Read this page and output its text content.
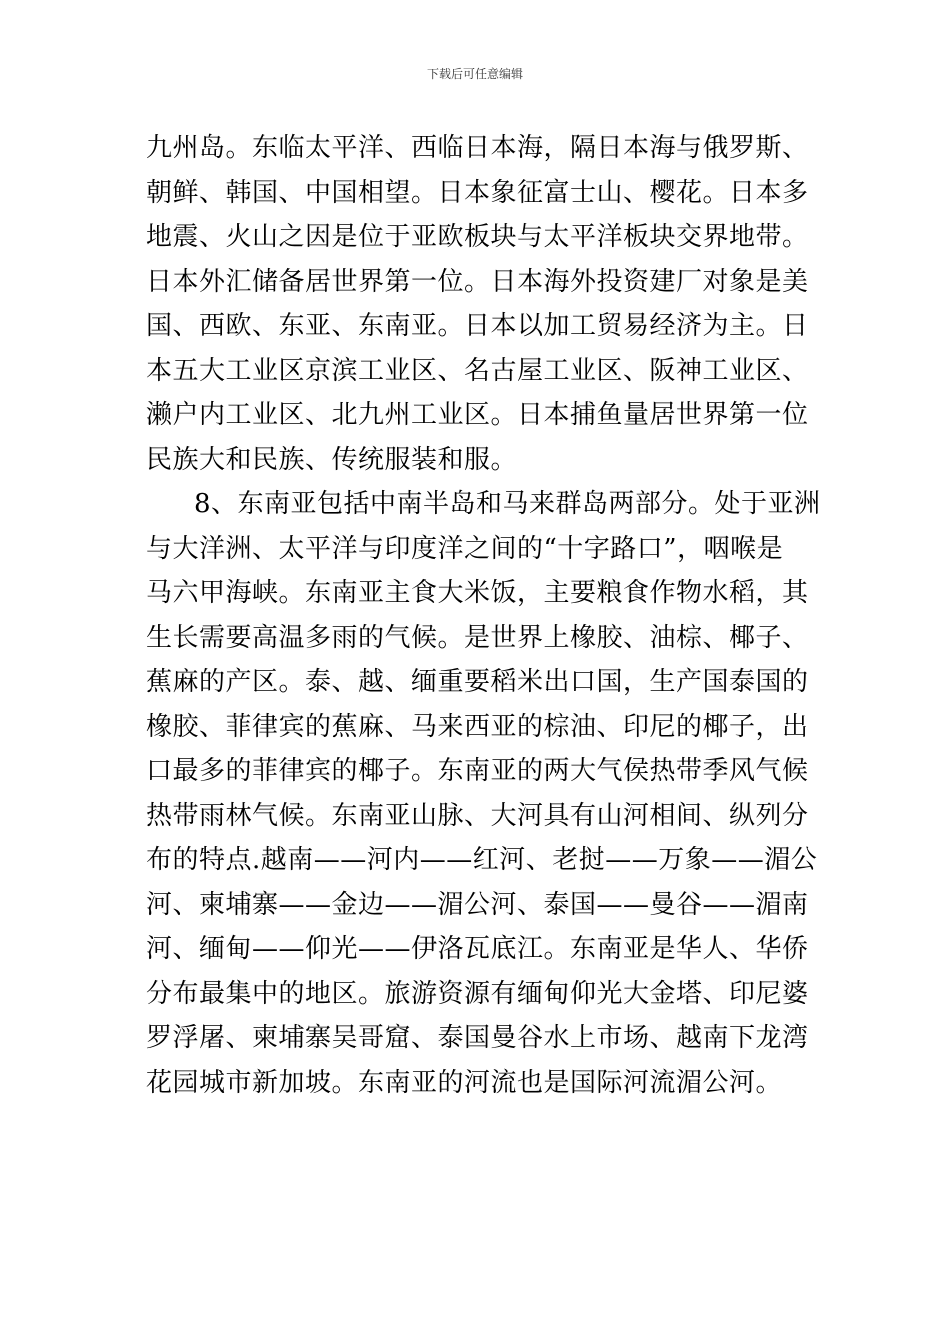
下载后可任意编辑
九州岛。东临太平洋、西临日本海，隔日本海与俄罗斯、
朝鲜、韩国、中国相望。日本象征富士山、樱花。日本多
地震、火山之因是位于亚欧板块与太平洋板块交界地带。
日本外汇储备居世界第一位。日本海外投资建厂对象是美
国、西欧、东亚、东南亚。日本以加工贸易经济为主。日
本五大工业区京滨工业区、名古屋工业区、阪神工业区、
濑户内工业区、北九州工业区。日本捕鱼量居世界第一位
民族大和民族、传统服装和服。
8、东南亚包括中南半岛和马来群岛两部分。处于亚洲
与大洋洲、太平洋与印度洋之间的“十字路口”，咽喉是
马六甲海峡。东南亚主食大米饭，主要粮食作物水稻，其
生长需要高温多雨的气候。是世界上橡胶、油棕、椰子、
蕉麻的产区。泰、越、缅重要稻米出口国，生产国泰国的
橡胶、菲律宾的蕉麻、马来西亚的棕油、印尼的椰子，出
口最多的菲律宾的椰子。东南亚的两大气侯热带季风气候
热带雨林气候。东南亚山脉、大河具有山河相间、纵列分
布的特点.越南——河内——红河、老挝——万象——湄公
河、柬埔寨——金边——湄公河、泰国——曼谷——湄南
河、缅甸——仰光——伊洛瓦底江。东南亚是华人、华侨
分布最集中的地区。旅游资源有缅甸仰光大金塔、印尼婆
罗浮屠、柬埔寨吴哥窟、泰国曼谷水上市场、越南下龙湾
花园城市新加坡。东南亚的河流也是国际河流湄公河。
